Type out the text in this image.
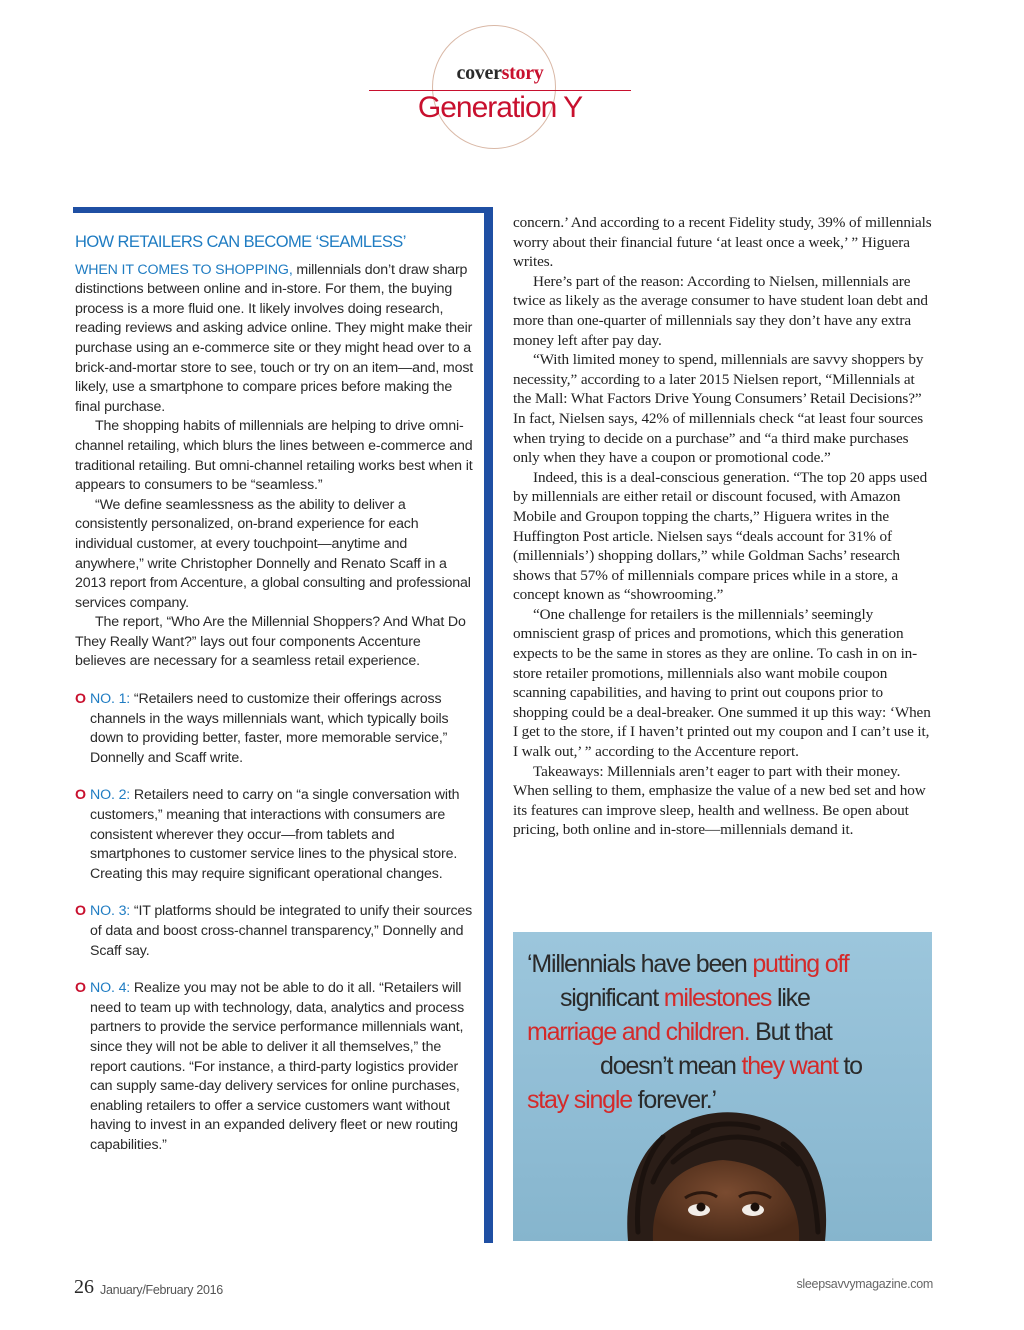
coverstory
Generation Y
HOW RETAILERS CAN BECOME ‘SEAMLESS’

WHEN IT COMES TO SHOPPING, millennials don’t draw sharp distinctions between online and in-store. For them, the buying process is a more fluid one. It likely involves doing research, reading reviews and asking advice online. They might make their purchase using an e-commerce site or they might head over to a brick-and-mortar store to see, touch or try on an item—and, most likely, use a smartphone to compare prices before making the final purchase.

The shopping habits of millennials are helping to drive omni-channel retailing, which blurs the lines between e-commerce and traditional retailing. But omni-channel retailing works best when it appears to consumers to be “seamless.”

“We define seamlessness as the ability to deliver a consistently personalized, on-brand experience for each individual customer, at every touchpoint—anytime and anywhere,” write Christopher Donnelly and Renato Scaff in a 2013 report from Accenture, a global consulting and professional services company.

The report, “Who Are the Millennial Shoppers? And What Do They Really Want?” lays out four components Accenture believes are necessary for a seamless retail experience.

O NO. 1: “Retailers need to customize their offerings across channels in the ways millennials want, which typically boils down to providing better, faster, more memorable service,” Donnelly and Scaff write.
O NO. 2: Retailers need to carry on “a single conversation with customers,” meaning that interactions with consumers are consistent wherever they occur—from tablets and smartphones to customer service lines to the physical store. Creating this may require significant operational changes.
O NO. 3: “IT platforms should be integrated to unify their sources of data and boost cross-channel transparency,” Donnelly and Scaff say.
O NO. 4: Realize you may not be able to do it all. “Retailers will need to team up with technology, data, analytics and process partners to provide the service performance millennials want, since they will not be able to deliver it all themselves,” the report cautions. “For instance, a third-party logistics provider can supply same-day delivery services for online purchases, enabling retailers to offer a service customers want without having to invest in an expanded delivery fleet or new routing capabilities.”

concern.’ And according to a recent Fidelity study, 39% of millennials worry about their financial future ‘at least once a week,’ ” Higuera writes.

Here’s part of the reason: According to Nielsen, millennials are twice as likely as the average consumer to have student loan debt and more than one-quarter of millennials say they don’t have any extra money left after pay day.

“With limited money to spend, millennials are savvy shoppers by necessity,” according to a later 2015 Nielsen report, “Millennials at the Mall: What Factors Drive Young Consumers’ Retail Decisions?” In fact, Nielsen says, 42% of millennials check “at least four sources when trying to decide on a purchase” and “a third make purchases only when they have a coupon or promotional code.”

Indeed, this is a deal-conscious generation. “The top 20 apps used by millennials are either retail or discount focused, with Amazon Mobile and Groupon topping the charts,” Higuera writes in the Huffington Post article. Nielsen says “deals account for 31% of (millennials’) shopping dollars,” while Goldman Sachs’ research shows that 57% of millennials compare prices while in a store, a concept known as “showrooming.”

“One challenge for retailers is the millennials’ seemingly omniscient grasp of prices and promotions, which this generation expects to be the same in stores as they are online. To cash in on in-store retailer promotions, millennials also want mobile coupon scanning capabilities, and having to print out coupons prior to shopping could be a deal-breaker. One summed it up this way: ‘When I get to the store, if I haven’t printed out my coupon and I can’t use it, I walk out,’ ” according to the Accenture report.

Takeaways: Millennials aren’t eager to part with their money. When selling to them, emphasize the value of a new bed set and how its features can improve sleep, health and wellness. Be open about pricing, both online and in-store—millennials demand it.

‘Millennials have been putting off
significant milestones like
marriage and children. But that
doesn’t mean they want to
stay single forever.’
26 January/February 2016	sleepsavvymagazine.com
